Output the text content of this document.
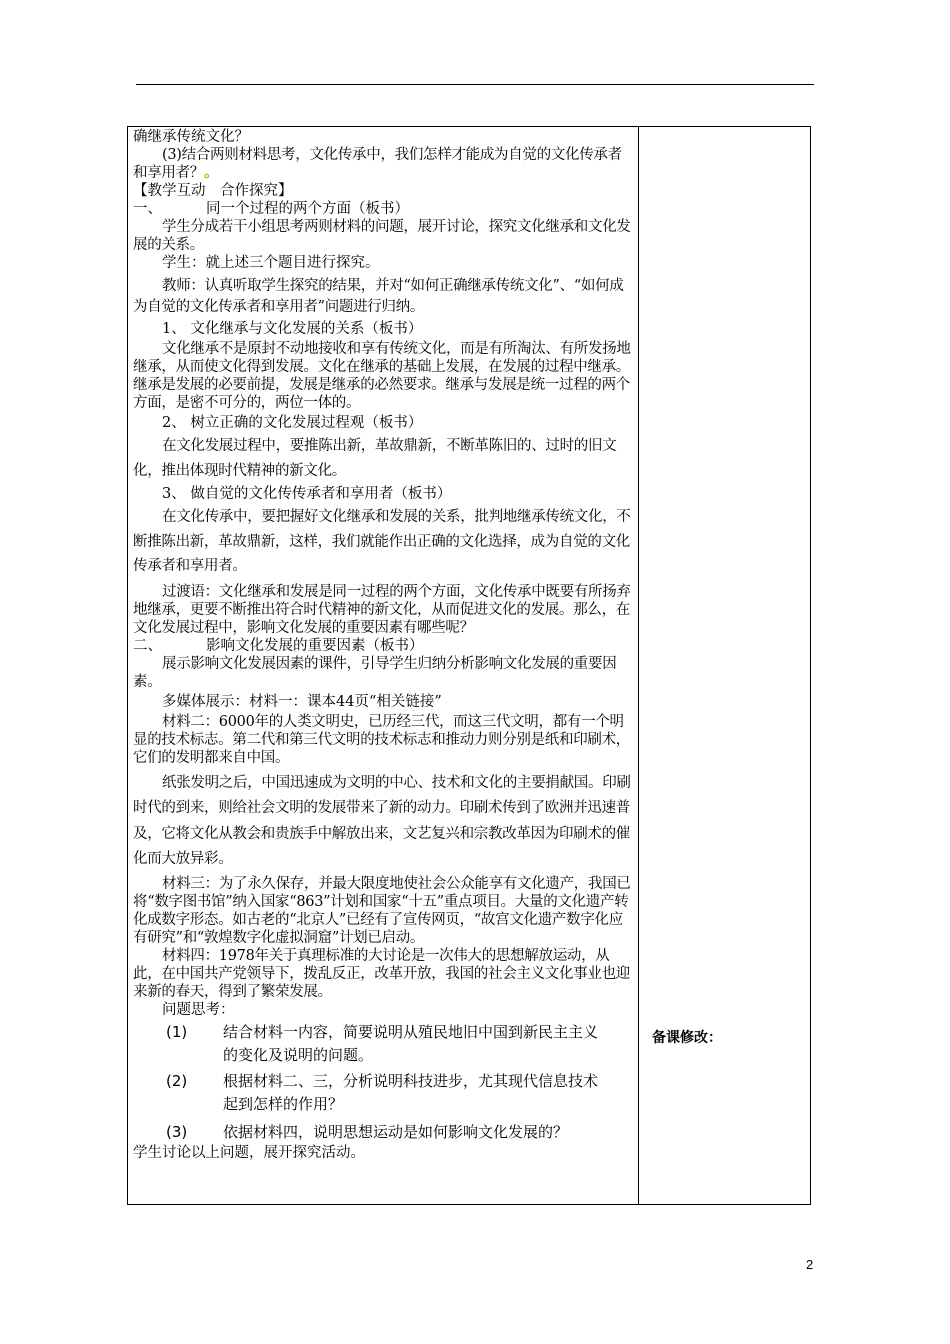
确继承传统文化？

(3)结合两则材料思考，文化传承中，我们怎样才能成为自觉的文化传承者和享用者？。

【教学互动　合作探究】

一、	同一个过程的两个方面（板书）

学生分成若干小组思考两则材料的问题，展开讨论，探究文化继承和文化发展的关系。

学生：就上述三个题目进行探究。

教师：认真听取学生探究的结果，并对“如何正确继承传统文化”、“如何成为自觉的文化传承者和享用者”问题进行归纳。

1、 文化继承与文化发展的关系（板书）

文化继承不是原封不动地接收和享有传统文化，而是有所淘汰、有所发扬地继承，从而使文化得到发展。文化在继承的基础上发展，在发展的过程中继承。继承是发展的必要前提，发展是继承的必然要求。继承与发展是统一过程的两个方面，是密不可分的，两位一体的。

2、 树立正确的文化发展过程观（板书）

在文化发展过程中，要推陈出新，革故鼎新，不断革陈旧的、过时的旧文化，推出体现时代精神的新文化。

3、 做自觉的文化传传承者和享用者（板书）

在文化传承中，要把握好文化继承和发展的关系，批判地继承传统文化，不断推陈出新，革故鼎新，这样，我们就能作出正确的文化选择，成为自觉的文化传承者和享用者。

过渡语：文化继承和发展是同一过程的两个方面，文化传承中既要有所扬弃地继承，更要不断推出符合时代精神的新文化，从而促进文化的发展。那么，在文化发展过程中，影响文化发展的重要因素有哪些呢？

二、	影响文化发展的重要因素（板书）

展示影响文化发展因素的课件，引导学生归纳分析影响文化发展的重要因素。

多媒体展示：材料一：课本44页“相关链接”

材料二：6000年的人类文明史，已历经三代，而这三代文明，都有一个明显的技术标志。第二代和第三代文明的技术标志和推动力则分别是纸和印刷术，它们的发明都来自中国。

纸张发明之后，中国迅速成为文明的中心、技术和文化的主要捐献国。印刷时代的到来，则给社会文明的发展带来了新的动力。印刷术传到了欧洲并迅速普及，它将文化从教会和贵族手中解放出来，文艺复兴和宗教改革因为印刷术的催化而大放异彩。

材料三：为了永久保存，并最大限度地使社会公众能享有文化遗产，我国已将“数字图书馆”纳入国家“863”计划和国家“十五”重点项目。大量的文化遗产转化成数字形态。如古老的“北京人”已经有了宣传网页，“故宫文化遗产数字化应有研究”和“敦煌数字化虚拟洞窟”计划已启动。

材料四：1978年关于真理标准的大讨论是一次伟大的思想解放运动，从此，在中国共产党领导下，拨乱反正，改革开放，我国的社会主义文化事业也迎来新的春天，得到了繁荣发展。

问题思考：

(1) 结合材料一内容，简要说明从殖民地旧中国到新民主主义

的变化及说明的问题。

(2) 根据材料二、三，分析说明科技进步，尤其现代信息技术

起到怎样的作用？

(3) 依据材料四，说明思想运动是如何影响文化发展的？

学生讨论以上问题，展开探究活动。

备课修改：
2
